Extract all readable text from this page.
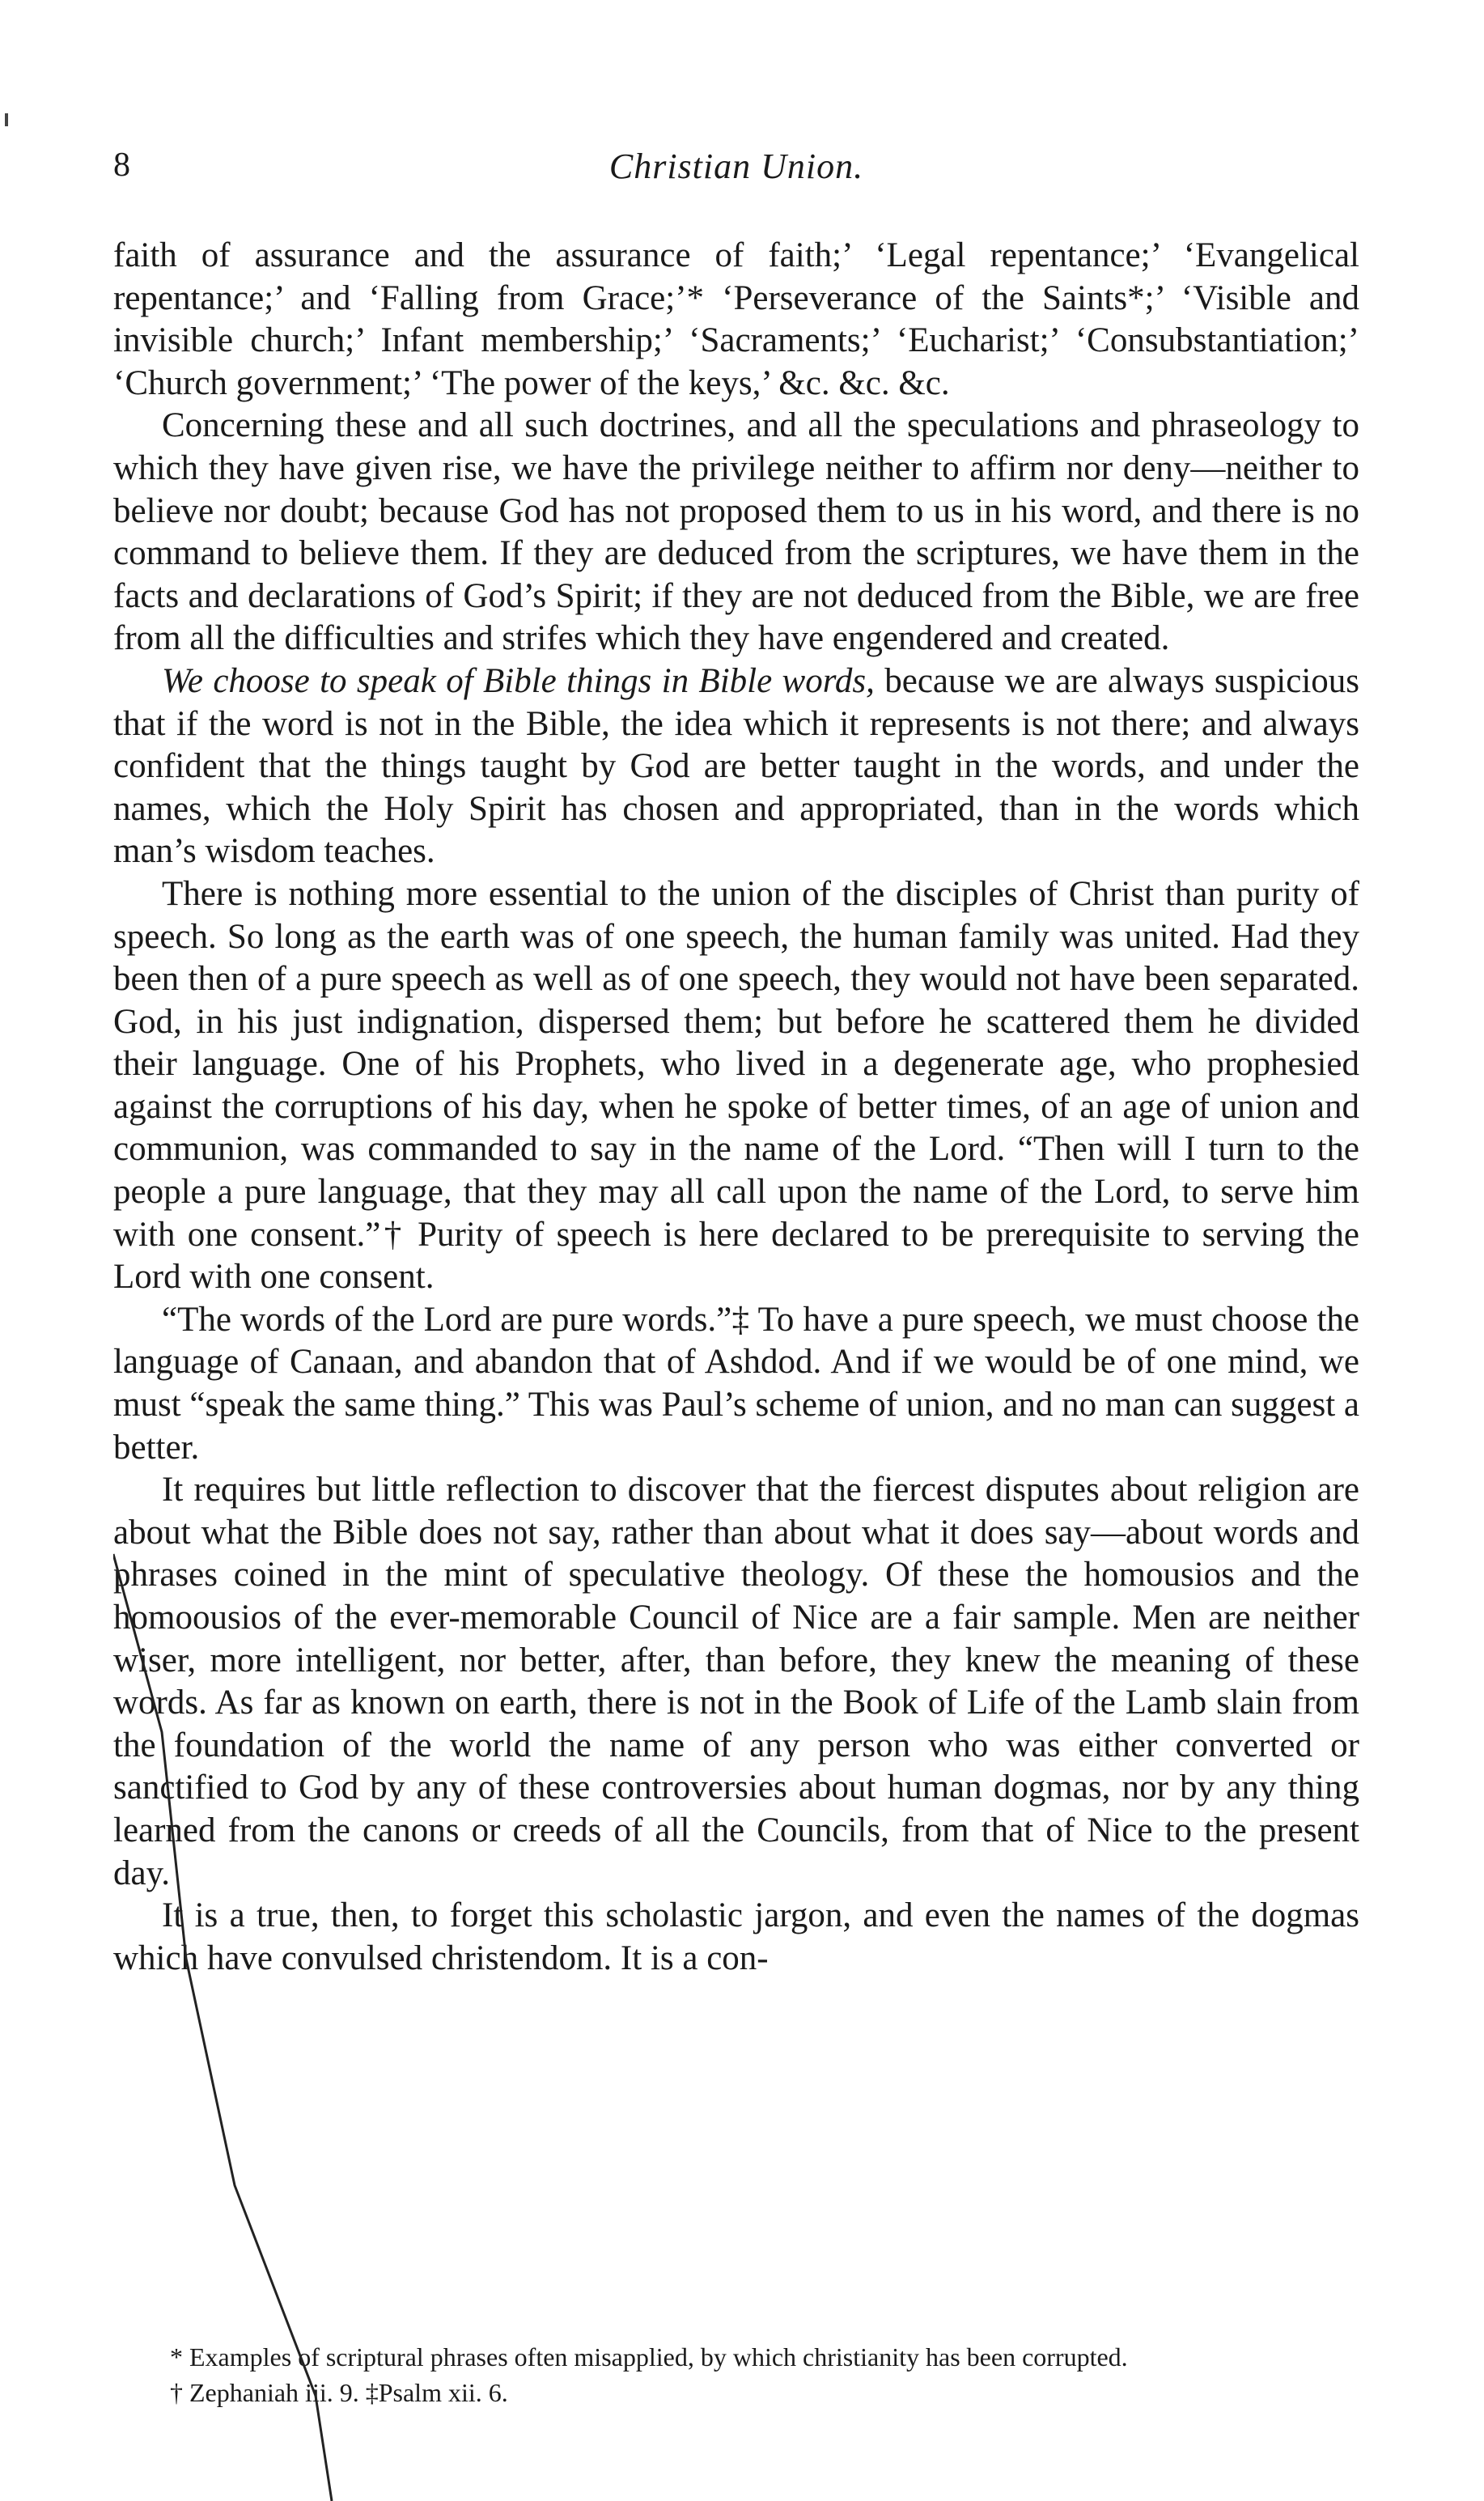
8	Christian Union.

faith of assurance and the assurance of faith;’ ‘Legal repentance;’ ‘Evangelical repentance;’ and ‘Falling from Grace;’* ‘Perseverance of the Saints*;’ ‘Visible and invisible church;’ Infant membership;’ ‘Sacraments;’ ‘Eucharist;’ ‘Consubstantiation;’ ‘Church government;’ ‘The power of the keys,’ &c. &c. &c.

Concerning these and all such doctrines, and all the speculations and phraseology to which they have given rise, we have the privilege neither to affirm nor deny—neither to believe nor doubt; because God has not proposed them to us in his word, and there is no command to believe them. If they are deduced from the scriptures, we have them in the facts and declarations of God’s Spirit; if they are not deduced from the Bible, we are free from all the difficulties and strifes which they have engendered and created.

We choose to speak of Bible things in Bible words, because we are always suspicious that if the word is not in the Bible, the idea which it represents is not there; and always confident that the things taught by God are better taught in the words, and under the names, which the Holy Spirit has chosen and appropriated, than in the words which man’s wisdom teaches.

There is nothing more essential to the union of the disciples of Christ than purity of speech. So long as the earth was of one speech, the human family was united. Had they been then of a pure speech as well as of one speech, they would not have been separated. God, in his just indignation, dispersed them; but before he scattered them he divided their language. One of his Prophets, who lived in a degenerate age, who prophesied against the corruptions of his day, when he spoke of better times, of an age of union and communion, was commanded to say in the name of the Lord. “Then will I turn to the people a pure language, that they may all call upon the name of the Lord, to serve him with one consent.”† Purity of speech is here declared to be prerequisite to serving the Lord with one consent.

“The words of the Lord are pure words.”‡ To have a pure speech, we must choose the language of Canaan, and abandon that of Ashdod. And if we would be of one mind, we must “speak the same thing.” This was Paul’s scheme of union, and no man can suggest a better.

It requires but little reflection to discover that the fiercest disputes about religion are about what the Bible does not say, rather than about what it does say—about words and phrases coined in the mint of speculative theology. Of these the homousios and the homoousios of the ever-memorable Council of Nice are a fair sample. Men are neither wiser, more intelligent, nor better, after, than before, they knew the meaning of these words. As far as known on earth, there is not in the Book of Life of the Lamb slain from the foundation of the world the name of any person who was either converted or sanctified to God by any of these controversies about human dogmas, nor by any thing learned from the canons or creeds of all the Councils, from that of Nice to the present day.

It is a true, then, to forget this scholastic jargon, and even the names of the dogmas which have convulsed christendom. It is a con-

* Examples of scriptural phrases often misapplied, by which christianity has been corrupted.

† Zephaniah iii. 9. ‡Psalm xii. 6.
